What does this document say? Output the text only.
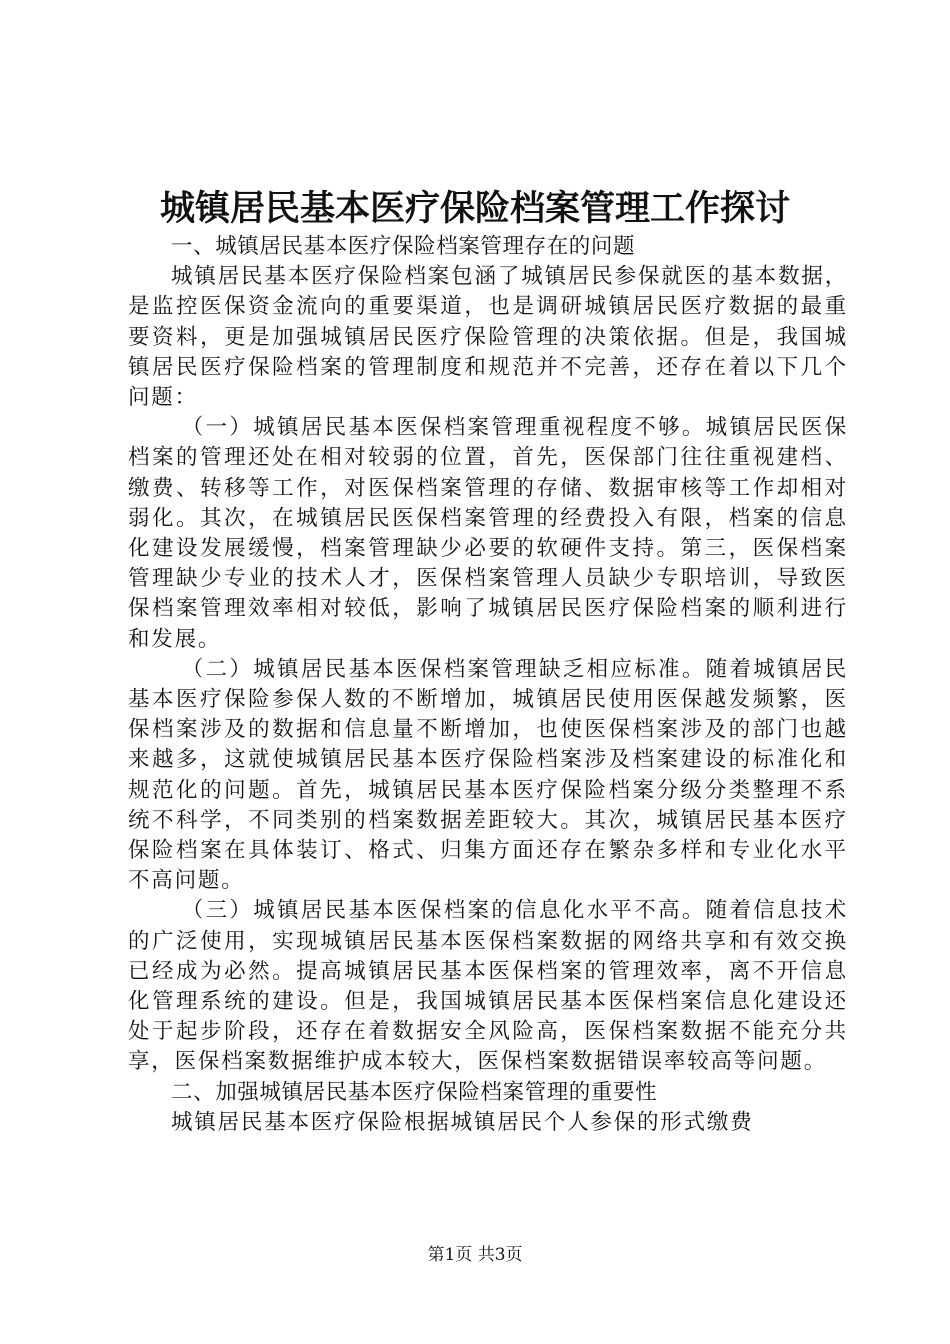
城镇居民基本医疗保险档案管理工作探讨

一、城镇居民基本医疗保险档案管理存在的问题

城镇居民基本医疗保险档案包涵了城镇居民参保就医的基本数据，是监控医保资金流向的重要渠道，也是调研城镇居民医疗数据的最重要资料，更是加强城镇居民医疗保险管理的决策依据。但是，我国城镇居民医疗保险档案的管理制度和规范并不完善，还存在着以下几个问题：

（一）城镇居民基本医保档案管理重视程度不够。城镇居民医保档案的管理还处在相对较弱的位置，首先，医保部门往往重视建档、缴费、转移等工作，对医保档案管理的存储、数据审核等工作却相对弱化。其次，在城镇居民医保档案管理的经费投入有限，档案的信息化建设发展缓慢，档案管理缺少必要的软硬件支持。第三，医保档案管理缺少专业的技术人才，医保档案管理人员缺少专职培训，导致医保档案管理效率相对较低，影响了城镇居民医疗保险档案的顺利进行和发展。

（二）城镇居民基本医保档案管理缺乏相应标准。随着城镇居民基本医疗保险参保人数的不断增加，城镇居民使用医保越发频繁，医保档案涉及的数据和信息量不断增加，也使医保档案涉及的部门也越来越多，这就使城镇居民基本医疗保险档案涉及档案建设的标准化和规范化的问题。首先，城镇居民基本医疗保险档案分级分类整理不系统不科学，不同类别的档案数据差距较大。其次，城镇居民基本医疗保险档案在具体装订、格式、归集方面还存在繁杂多样和专业化水平不高问题。

（三）城镇居民基本医保档案的信息化水平不高。随着信息技术的广泛使用，实现城镇居民基本医保档案数据的网络共享和有效交换已经成为必然。提高城镇居民基本医保档案的管理效率，离不开信息化管理系统的建设。但是，我国城镇居民基本医保档案信息化建设还处于起步阶段，还存在着数据安全风险高，医保档案数据不能充分共享，医保档案数据维护成本较大，医保档案数据错误率较高等问题。

二、加强城镇居民基本医疗保险档案管理的重要性

城镇居民基本医疗保险根据城镇居民个人参保的形式缴费

第1页 共3页
